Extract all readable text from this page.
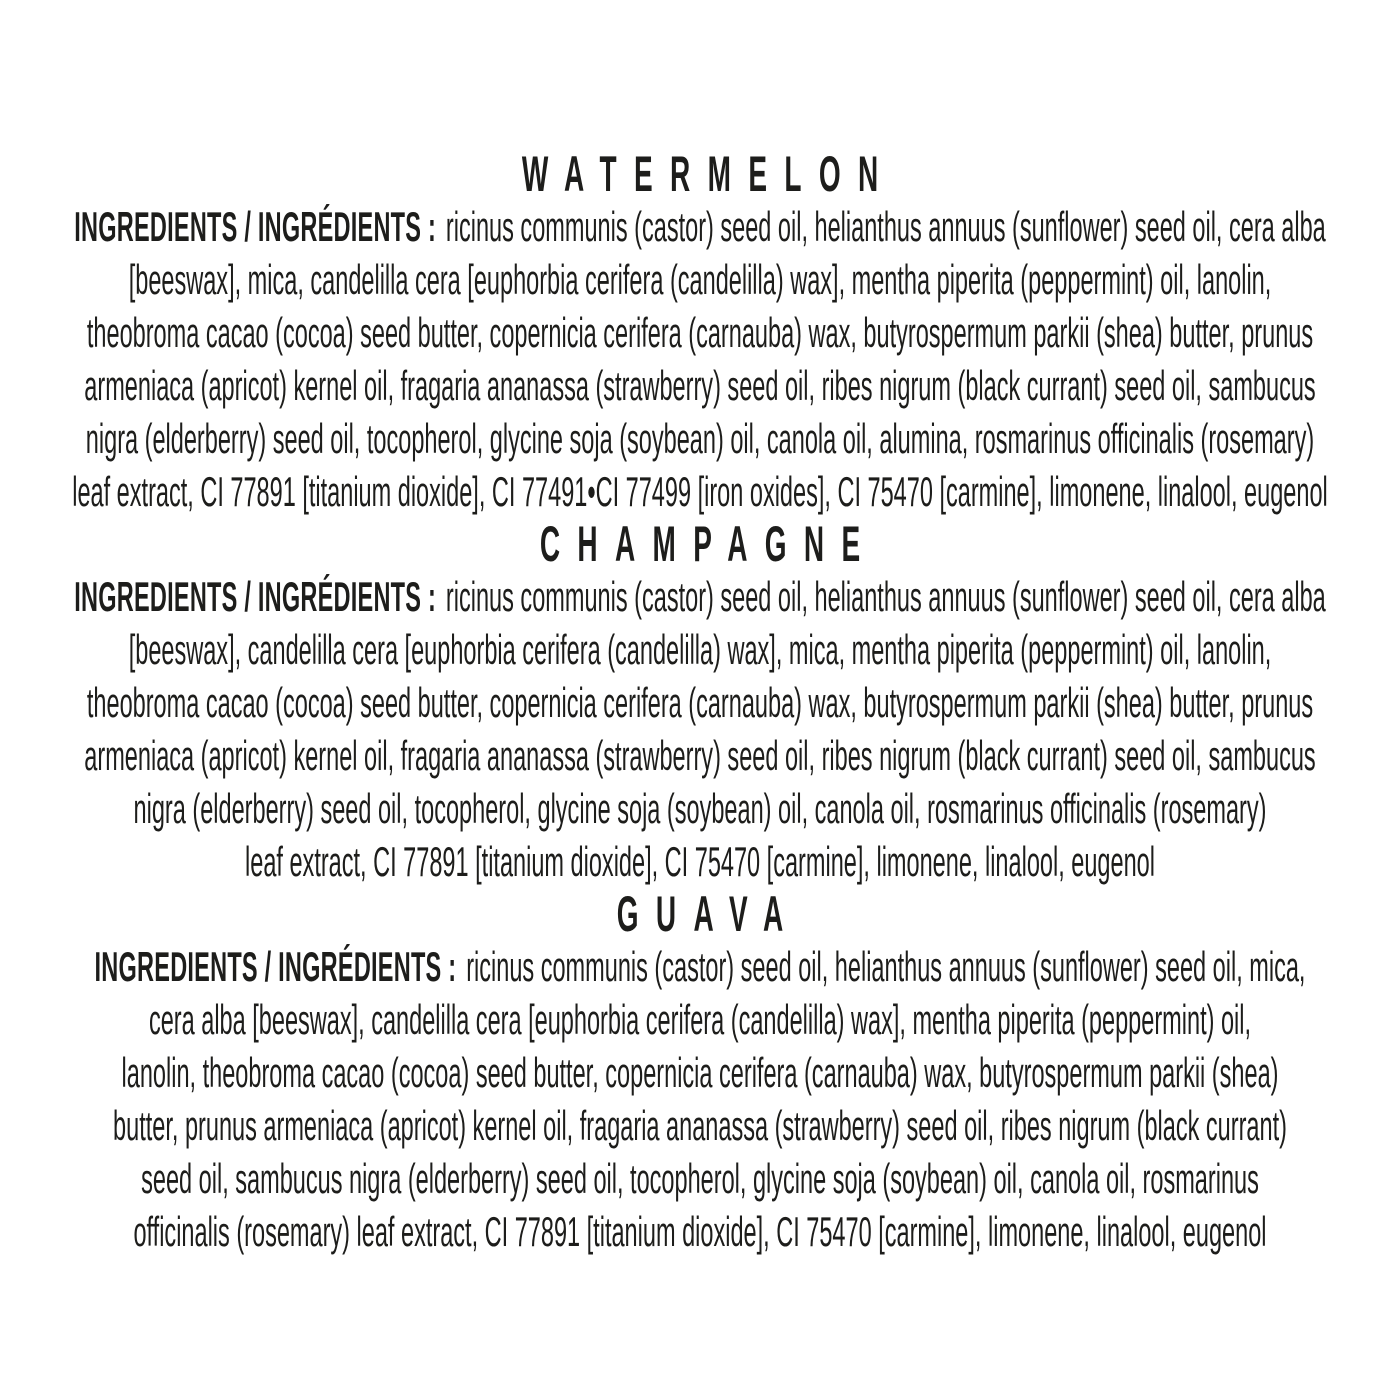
WATERMELON

INGREDIENTS / INGRÉDIENTS : ricinus communis (castor) seed oil, helianthus annuus (sunflower) seed oil, cera alba

[beeswax], mica, candelilla cera [euphorbia cerifera (candelilla) wax], mentha piperita (peppermint) oil, lanolin,

theobroma cacao (cocoa) seed butter, copernicia cerifera (carnauba) wax, butyrospermum parkii (shea) butter, prunus

armeniaca (apricot) kernel oil, fragaria ananassa (strawberry) seed oil, ribes nigrum (black currant) seed oil, sambucus

nigra (elderberry) seed oil, tocopherol, glycine soja (soybean) oil, canola oil, alumina, rosmarinus officinalis (rosemary)

leaf extract, CI 77891 [titanium dioxide], CI 77491•CI 77499 [iron oxides], CI 75470 [carmine], limonene, linalool, eugenol

CHAMPAGNE

INGREDIENTS / INGRÉDIENTS : ricinus communis (castor) seed oil, helianthus annuus (sunflower) seed oil, cera alba

[beeswax], candelilla cera [euphorbia cerifera (candelilla) wax], mica, mentha piperita (peppermint) oil, lanolin,

theobroma cacao (cocoa) seed butter, copernicia cerifera (carnauba) wax, butyrospermum parkii (shea) butter, prunus

armeniaca (apricot) kernel oil, fragaria ananassa (strawberry) seed oil, ribes nigrum (black currant) seed oil, sambucus

nigra (elderberry) seed oil, tocopherol, glycine soja (soybean) oil, canola oil, rosmarinus officinalis (rosemary)

leaf extract, CI 77891 [titanium dioxide], CI 75470 [carmine], limonene, linalool, eugenol

GUAVA

INGREDIENTS / INGRÉDIENTS : ricinus communis (castor) seed oil, helianthus annuus (sunflower) seed oil, mica,

cera alba [beeswax], candelilla cera [euphorbia cerifera (candelilla) wax], mentha piperita (peppermint) oil,

lanolin, theobroma cacao (cocoa) seed butter, copernicia cerifera (carnauba) wax, butyrospermum parkii (shea)

butter, prunus armeniaca (apricot) kernel oil, fragaria ananassa (strawberry) seed oil, ribes nigrum (black currant)

seed oil, sambucus nigra (elderberry) seed oil, tocopherol, glycine soja (soybean) oil, canola oil, rosmarinus

officinalis (rosemary) leaf extract, CI 77891 [titanium dioxide], CI 75470 [carmine], limonene, linalool, eugenol
